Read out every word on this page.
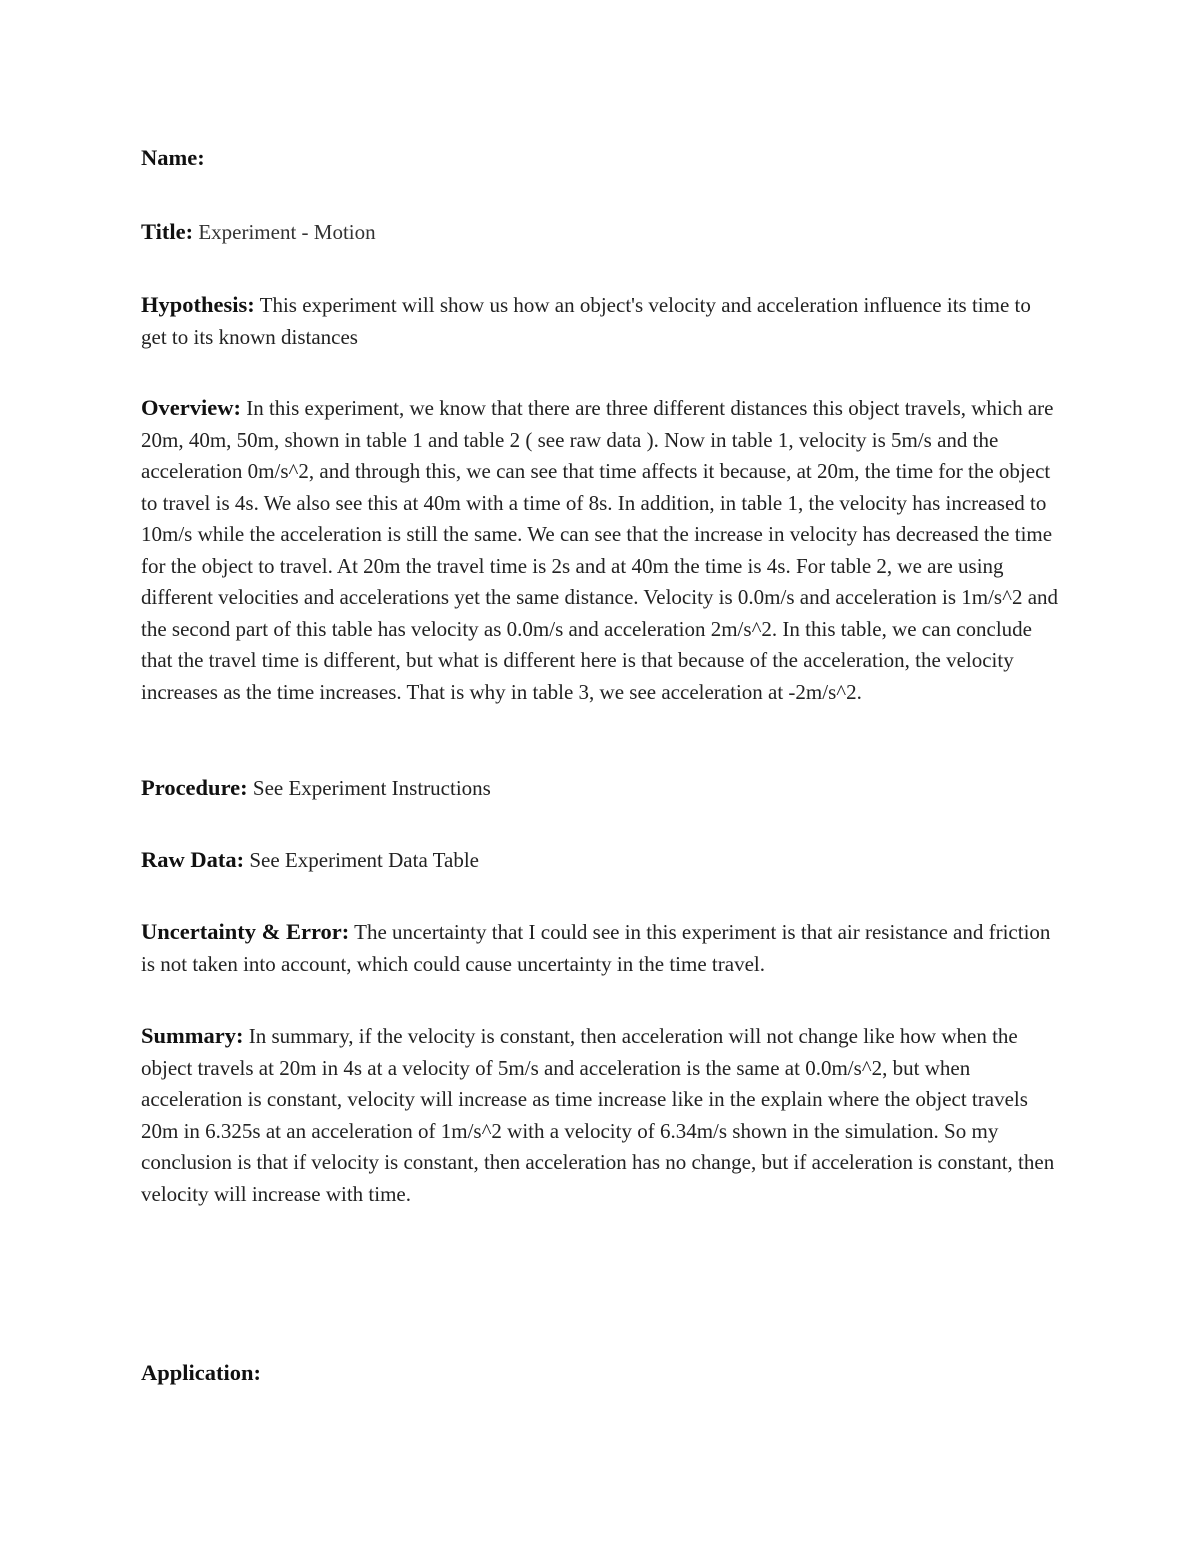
Name:

Title: Experiment - Motion

Hypothesis: This experiment will show us how an object's velocity and acceleration influence its time to get to its known distances

Overview: In this experiment, we know that there are three different distances this object travels, which are 20m, 40m, 50m, shown in table 1 and table 2 ( see raw data ). Now in table 1, velocity is 5m/s and the acceleration 0m/s^2, and through this, we can see that time affects it because, at 20m, the time for the object to travel is 4s. We also see this at 40m with a time of 8s. In addition, in table 1, the velocity has increased to 10m/s while the acceleration is still the same. We can see that the increase in velocity has decreased the time for the object to travel. At 20m the travel time is 2s and at 40m the time is 4s. For table 2, we are using different velocities and accelerations yet the same distance. Velocity is 0.0m/s and acceleration is 1m/s^2 and the second part of this table has velocity as 0.0m/s and acceleration 2m/s^2. In this table, we can conclude that the travel time is different, but what is different here is that because of the acceleration, the velocity increases as the time increases. That is why in table 3, we see acceleration at -2m/s^2.

Procedure: See Experiment Instructions

Raw Data: See Experiment Data Table

Uncertainty & Error: The uncertainty that I could see in this experiment is that air resistance and friction is not taken into account, which could cause uncertainty in the time travel.

Summary: In summary, if the velocity is constant, then acceleration will not change like how when the object travels at 20m in 4s at a velocity of 5m/s and acceleration is the same at 0.0m/s^2, but when acceleration is constant, velocity will increase as time increase like in the explain where the object travels 20m in 6.325s at an acceleration of 1m/s^2 with a velocity of 6.34m/s shown in the simulation. So my conclusion is that if velocity is constant, then acceleration has no change, but if acceleration is constant, then velocity will increase with time.

Application:
